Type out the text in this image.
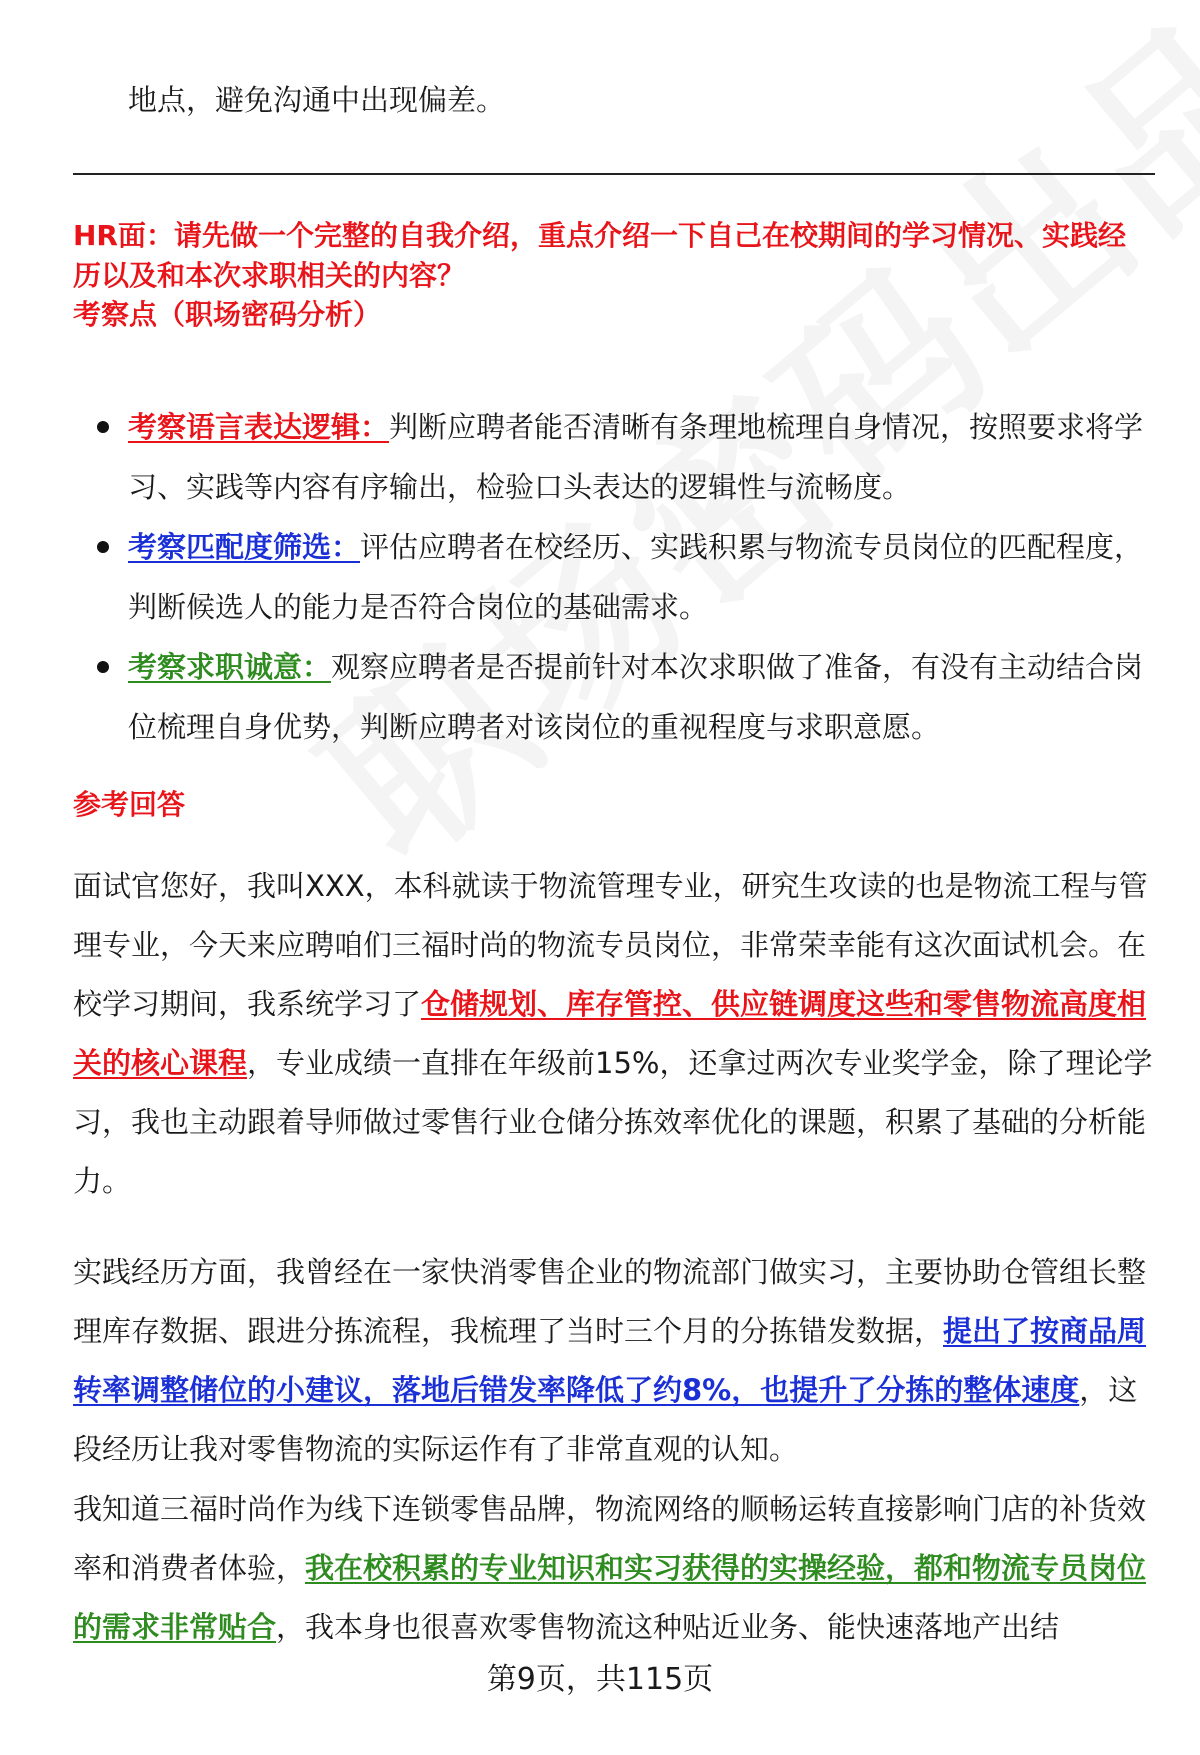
地点，避免沟通中出现偏差。

HR面：请先做一个完整的自我介绍，重点介绍一下自己在校期间的学习情况、实践经历以及和本次求职相关的内容？

考察点（职场密码分析）

考察语言表达逻辑：判断应聘者能否清晰有条理地梳理自身情况，按照要求将学习、实践等内容有序输出，检验口头表达的逻辑性与流畅度。
考察匹配度筛选：评估应聘者在校经历、实践积累与物流专员岗位的匹配程度，判断候选人的能力是否符合岗位的基础需求。
考察求职诚意：观察应聘者是否提前针对本次求职做了准备，有没有主动结合岗位梳理自身优势，判断应聘者对该岗位的重视程度与求职意愿。

参考回答

面试官您好，我叫XXX，本科就读于物流管理专业，研究生攻读的也是物流工程与管理专业，今天来应聘咱们三福时尚的物流专员岗位，非常荣幸能有这次面试机会。在校学习期间，我系统学习了仓储规划、库存管控、供应链调度这些和零售物流高度相关的核心课程，专业成绩一直排在年级前15%，还拿过两次专业奖学金，除了理论学习，我也主动跟着导师做过零售行业仓储分拣效率优化的课题，积累了基础的分析能力。

实践经历方面，我曾经在一家快消零售企业的物流部门做实习，主要协助仓管组长整理库存数据、跟进分拣流程，我梳理了当时三个月的分拣错发数据，提出了按商品周转率调整储位的小建议，落地后错发率降低了约8%，也提升了分拣的整体速度，这段经历让我对零售物流的实际运作有了非常直观的认知。

我知道三福时尚作为线下连锁零售品牌，物流网络的顺畅运转直接影响门店的补货效率和消费者体验，我在校积累的专业知识和实习获得的实操经验，都和物流专员岗位的需求非常贴合，我本身也很喜欢零售物流这种贴近业务、能快速落地产出结

第9页，共115页
